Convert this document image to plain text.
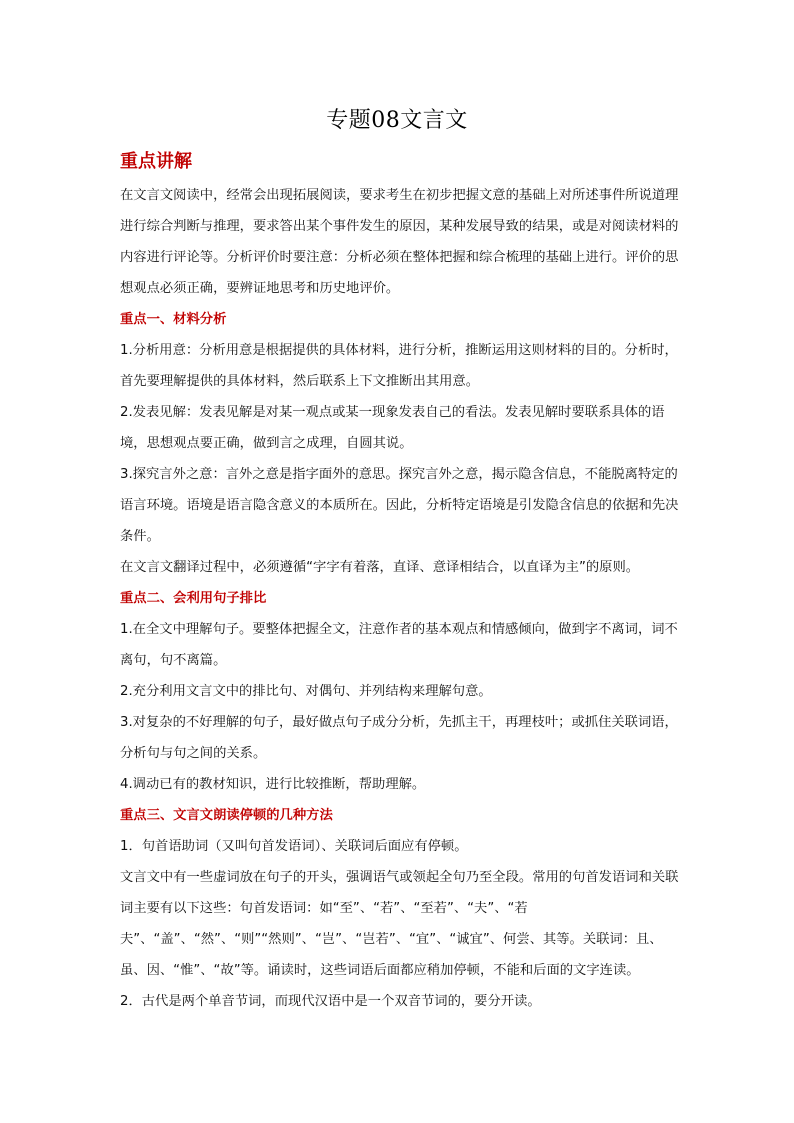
专题08文言文
重点讲解

在文言文阅读中，经常会出现拓展阅读，要求考生在初步把握文意的基础上对所述事件所说道理进行综合判断与推理，要求答出某个事件发生的原因，某种发展导致的结果，或是对阅读材料的内容进行评论等。分析评价时要注意：分析必须在整体把握和综合梳理的基础上进行。评价的思想观点必须正确，要辨证地思考和历史地评价。

重点一、材料分析

1.分析用意：分析用意是根据提供的具体材料，进行分析，推断运用这则材料的目的。分析时，首先要理解提供的具体材料，然后联系上下文推断出其用意。

2.发表见解：发表见解是对某一观点或某一现象发表自己的看法。发表见解时要联系具体的语境，思想观点要正确，做到言之成理，自圆其说。

3.探究言外之意：言外之意是指字面外的意思。探究言外之意，揭示隐含信息，不能脱离特定的语言环境。语境是语言隐含意义的本质所在。因此，分析特定语境是引发隐含信息的依据和先决条件。

在文言文翻译过程中，必须遵循“字字有着落，直译、意译相结合，以直译为主”的原则。

重点二、会利用句子排比

1.在全文中理解句子。要整体把握全文，注意作者的基本观点和情感倾向，做到字不离词，词不离句，句不离篇。

2.充分利用文言文中的排比句、对偶句、并列结构来理解句意。

3.对复杂的不好理解的句子，最好做点句子成分分析，先抓主干，再理枝叶；或抓住关联词语，分析句与句之间的关系。

4.调动已有的教材知识，进行比较推断，帮助理解。

重点三、文言文朗读停顿的几种方法

1．句首语助词（又叫句首发语词）、关联词后面应有停顿。

文言文中有一些虚词放在句子的开头，强调语气或领起全句乃至全段。常用的句首发语词和关联词主要有以下这些：句首发语词：如“至”、“若”、“至若”、“夫”、“若夫”、“盖”、“然”、“则”“然则”、“岂”、“岂若”、“宜”、“诚宜”、何尝、其等。关联词：且、虽、因、“惟”、“故”等。诵读时，这些词语后面都应稍加停顿，不能和后面的文字连读。

2．古代是两个单音节词，而现代汉语中是一个双音节词的，要分开读。
